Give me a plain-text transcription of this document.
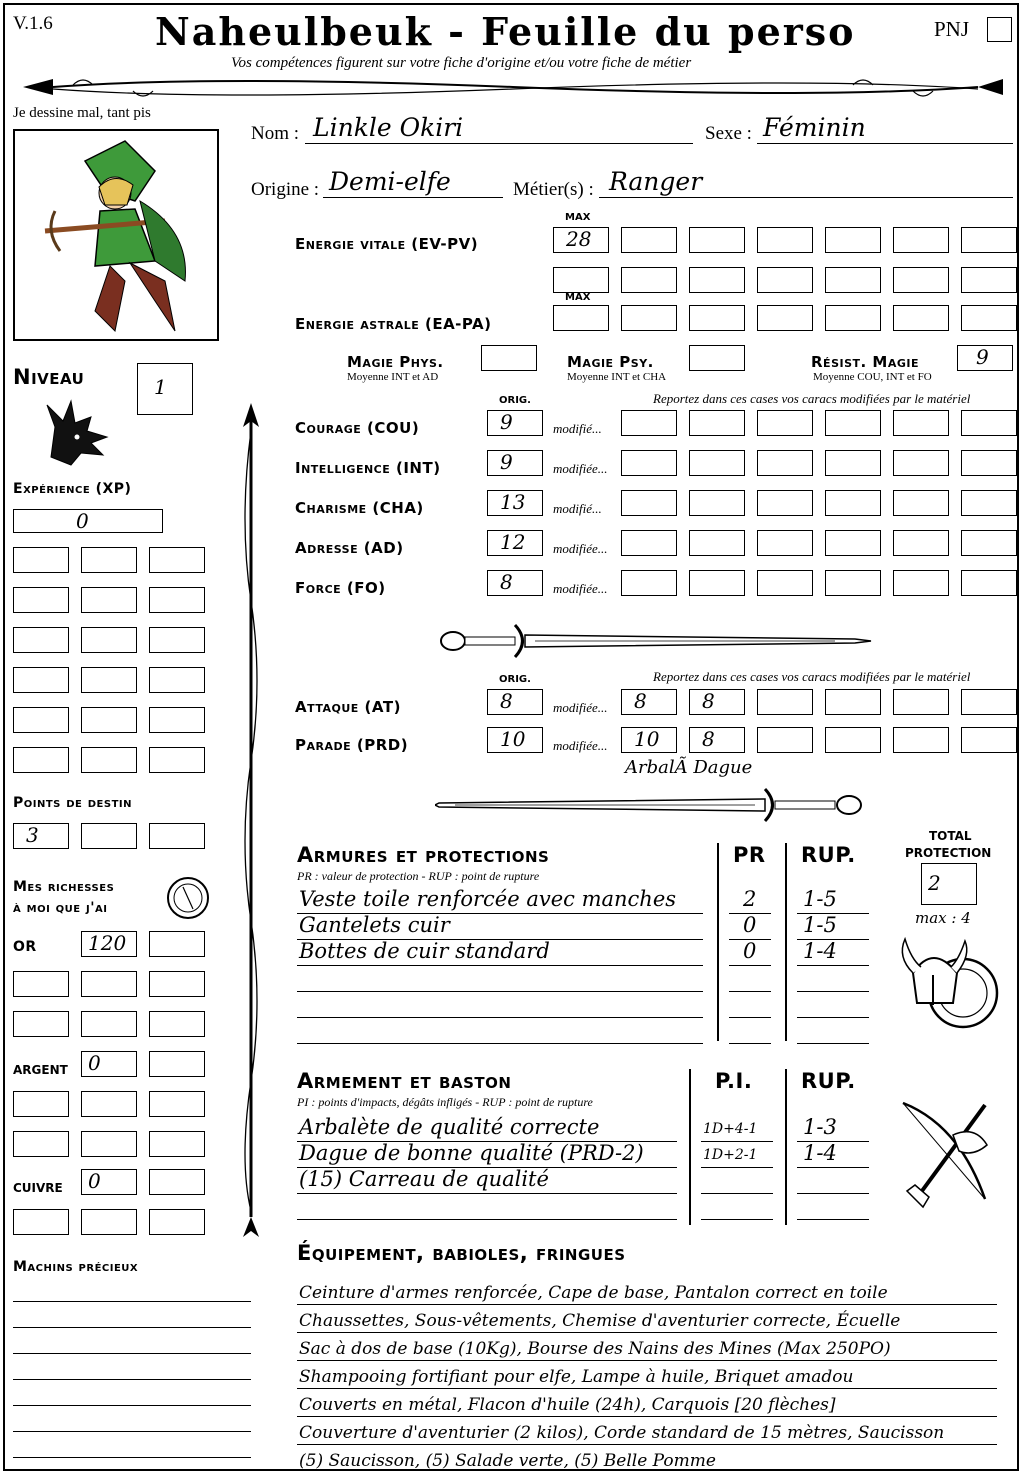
V.1.6	Naheulbeuk - Feuille du perso	PNJ
Vos compétences figurent sur votre fiche d'origine et/ou votre fiche de métier
Je dessine mal, tant pis
Nom : Linkle Okiri	Sexe : Féminin
Origine : Demi-elfe	Métier(s) : Ranger
MAX
Energie vitale (EV-PV)	28
MAX
Energie astrale (EA-PA)
Magie Phys.
Moyenne INT et AD
Magie Psy.
Moyenne INT et CHA
Résist. Magie
Moyenne COU, INT et FO
9
Niveau	1
Expérience (XP)
0
Points de destin
3
Mes richesses
à moi que j'ai
OR	120
ARGENT	0
CUIVRE	0
Machins précieux
ORIG.	Reportez dans ces cases vos caracs modifiées par le matériel
Courage (COU)	9	modifié...
Intelligence (INT)	9	modifiée...
Charisme (CHA)	13	modifié...
Adresse (AD)	12	modifiée...
Force (FO)	8	modifiée...
ORIG.	Reportez dans ces cases vos caracs modifiées par le matériel
Attaque (AT)	8	modifiée...	8	8
Parade (PRD)	10	modifiée...	10	8
ArbalÃ Dague
Armures et protections
PR : valeur de protection - RUP : point de rupture
PR RUP.
Veste toile renforcée avec manches	2 1-5
Gantelets cuir	0 1-5
Bottes de cuir standard	0 1-4
TOTAL
PROTECTION
2
max : 4
Armement et baston
PI : points d'impacts, dégâts infligés - RUP : point de rupture
P.I. RUP.
Arbalète de qualité correcte	1D+4-1 1-3
Dague de bonne qualité (PRD-2)	1D+2-1 1-4
(15) Carreau de qualité
Équipement, babioles, fringues
Ceinture d'armes renforcée, Cape de base, Pantalon correct en toile
Chaussettes, Sous-vêtements, Chemise d'aventurier correcte, Écuelle
Sac à dos de base (10Kg), Bourse des Nains des Mines (Max 250PO)
Shampooing fortifiant pour elfe, Lampe à huile, Briquet amadou
Couverts en métal, Flacon d'huile (24h), Carquois [20 flèches]
Couverture d'aventurier (2 kilos), Corde standard de 15 mètres, Saucisson
(5) Saucisson, (5) Salade verte, (5) Belle Pomme
